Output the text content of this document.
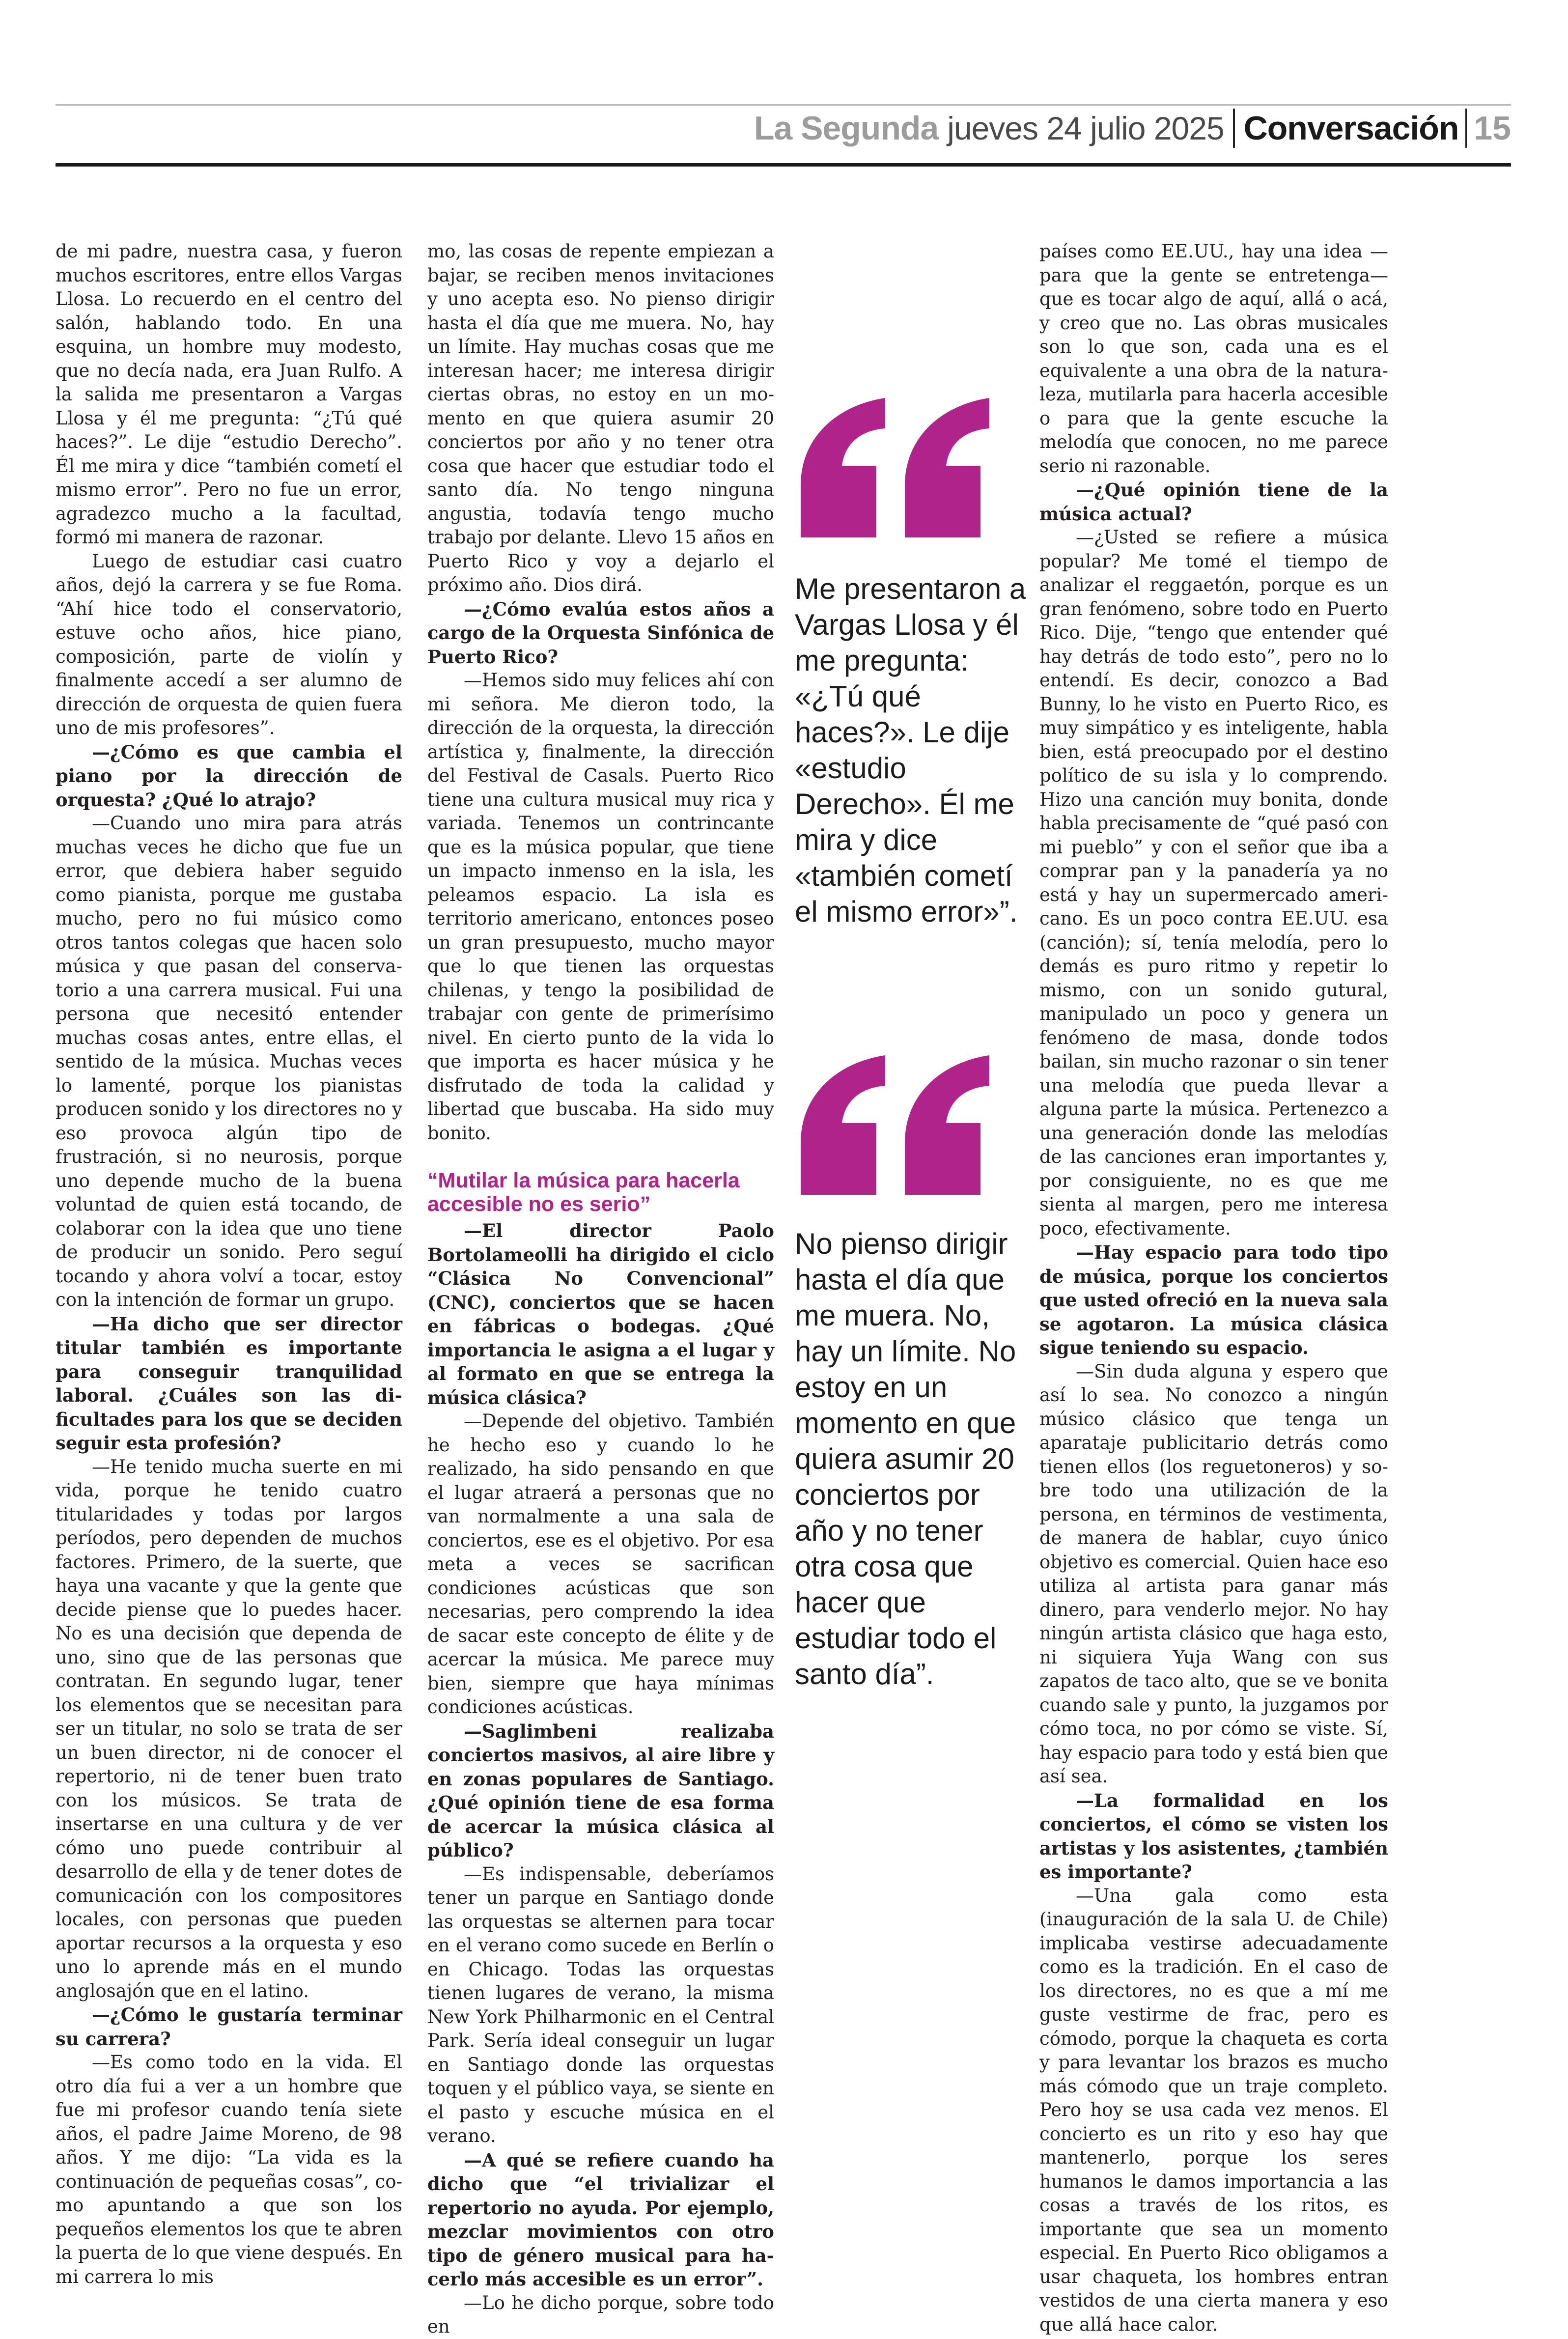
La Segunda jueves 24 julio 2025 Conversación 15

de mi padre, nuestra casa, y fueron muchos escritores, entre ellos Vargas Llosa. Lo recuerdo en el centro del salón, hablando todo. En una esquina, un hombre muy modesto, que no decía nada, era Juan Rulfo. A la salida me presentaron a Vargas Llosa y él me pregunta: “¿Tú qué haces?”. Le dije “estudio Derecho”. Él me mira y dice “también cometí el mismo error”. Pero no fue un error, agradezco mucho a la facultad, formó mi manera de razonar.

Luego de estudiar casi cuatro años, dejó la carrera y se fue Roma. “Ahí hice todo el conservatorio, estuve ocho años, hice piano, composición, parte de violín y finalmente accedí a ser alumno de dirección de orquesta de quien fuera uno de mis profesores”.

—¿Cómo es que cambia el piano por la dirección de orquesta? ¿Qué lo atrajo?

—Cuando uno mira para atrás muchas veces he dicho que fue un error, que debiera haber seguido como pianista, porque me gustaba mucho, pero no fui músico como otros tantos colegas que hacen solo música y que pasan del conservatorio a una carrera musical. Fui una persona que necesitó entender muchas cosas antes, entre ellas, el sentido de la música. Muchas veces lo lamenté, porque los pianistas producen sonido y los directores no y eso provoca algún tipo de frustración, si no neurosis, porque uno depende mucho de la buena voluntad de quien está tocando, de colaborar con la idea que uno tiene de producir un sonido. Pero seguí tocando y ahora volví a tocar, estoy con la intención de formar un grupo.

—Ha dicho que ser director titular también es importante para conseguir tranquilidad laboral. ¿Cuáles son las dificultades para los que se deciden seguir esta profesión?

—He tenido mucha suerte en mi vida, porque he tenido cuatro titularidades y todas por largos períodos, pero dependen de muchos factores. Primero, de la suerte, que haya una vacante y que la gente que decide piense que lo puedes hacer. No es una decisión que dependa de uno, sino que de las personas que contratan. En segundo lugar, tener los elementos que se necesitan para ser un titular, no solo se trata de ser un buen director, ni de conocer el repertorio, ni de tener buen trato con los músicos. Se trata de insertarse en una cultura y de ver cómo uno puede contribuir al desarrollo de ella y de tener dotes de comunicación con los compositores locales, con personas que pueden aportar recursos a la orquesta y eso uno lo aprende más en el mundo anglosajón que en el latino.

—¿Cómo le gustaría terminar su carrera?

—Es como todo en la vida. El otro día fui a ver a un hombre que fue mi profesor cuando tenía siete años, el padre Jaime Moreno, de 98 años. Y me dijo: “La vida es la continuación de pequeñas cosas”, como apuntando a que son los pequeños elementos los que te abren la puerta de lo que viene después. En mi carrera lo mis

mo, las cosas de repente empiezan a bajar, se reciben menos invitaciones y uno acepta eso. No pienso dirigir hasta el día que me muera. No, hay un límite. Hay muchas cosas que me interesan hacer; me interesa dirigir ciertas obras, no estoy en un momento en que quiera asumir 20 conciertos por año y no tener otra cosa que hacer que estudiar todo el santo día. No tengo ninguna angustia, todavía tengo mucho trabajo por delante. Llevo 15 años en Puerto Rico y voy a dejarlo el próximo año. Dios dirá.

—¿Cómo evalúa estos años a cargo de la Orquesta Sinfónica de Puerto Rico?

—Hemos sido muy felices ahí con mi señora. Me dieron todo, la dirección de la orquesta, la dirección artística y, finalmente, la dirección del Festival de Casals. Puerto Rico tiene una cultura musical muy rica y variada. Tenemos un contrincante que es la música popular, que tiene un impacto inmenso en la isla, les peleamos espacio. La isla es territorio americano, entonces poseo un gran presupuesto, mucho mayor que lo que tienen las orquestas chilenas, y tengo la posibilidad de trabajar con gente de primerísimo nivel. En cierto punto de la vida lo que importa es hacer música y he disfrutado de toda la calidad y libertad que buscaba. Ha sido muy bonito.

“Mutilar la música para hacerla accesible no es serio”

—El director Paolo Bortolameolli ha dirigido el ciclo “Clásica No Convencional” (CNC), conciertos que se hacen en fábricas o bodegas. ¿Qué importancia le asigna a el lugar y al formato en que se entrega la música clásica?

—Depende del objetivo. También he hecho eso y cuando lo he realizado, ha sido pensando en que el lugar atraerá a personas que no van normalmente a una sala de conciertos, ese es el objetivo. Por esa meta a veces se sacrifican condiciones acústicas que son necesarias, pero comprendo la idea de sacar este concepto de élite y de acercar la música. Me parece muy bien, siempre que haya mínimas condiciones acústicas.

—Saglimbeni realizaba conciertos masivos, al aire libre y en zonas populares de Santiago. ¿Qué opinión tiene de esa forma de acercar la música clásica al público?

—Es indispensable, deberíamos tener un parque en Santiago donde las orquestas se alternen para tocar en el verano como sucede en Berlín o en Chicago. Todas las orquestas tienen lugares de verano, la misma New York Philharmonic en el Central Park. Sería ideal conseguir un lugar en Santiago donde las orquestas toquen y el público vaya, se siente en el pasto y escuche música en el verano.

—A qué se refiere cuando ha dicho que “el trivializar el repertorio no ayuda. Por ejemplo, mezclar movimientos con otro tipo de género musical para hacerlo más accesible es un error”.

—Lo he dicho porque, sobre todo en

Me presentaron a Vargas Llosa y él me pregunta: «¿Tú qué haces?». Le dije «estudio Derecho». Él me mira y dice «también cometí el mismo error»”.
No pienso dirigir hasta el día que me muera. No, hay un límite. No estoy en un momento en que quiera asumir 20 conciertos por año y no tener otra cosa que hacer que estudiar todo el santo día”.

países como EE.UU., hay una idea —para que la gente se entretenga— que es tocar algo de aquí, allá o acá, y creo que no. Las obras musicales son lo que son, cada una es el equivalente a una obra de la naturaleza, mutilarla para hacerla accesible o para que la gente escuche la melodía que conocen, no me parece serio ni razonable.

—¿Qué opinión tiene de la música actual?

—¿Usted se refiere a música popular? Me tomé el tiempo de analizar el reggaetón, porque es un gran fenómeno, sobre todo en Puerto Rico. Dije, “tengo que entender qué hay detrás de todo esto”, pero no lo entendí. Es decir, conozco a Bad Bunny, lo he visto en Puerto Rico, es muy simpático y es inteligente, habla bien, está preocupado por el destino político de su isla y lo comprendo. Hizo una canción muy bonita, donde habla precisamente de “qué pasó con mi pueblo” y con el señor que iba a comprar pan y la panadería ya no está y hay un supermercado americano. Es un poco contra EE.UU. esa (canción); sí, tenía melodía, pero lo demás es puro ritmo y repetir lo mismo, con un sonido gutural, manipulado un poco y genera un fenómeno de masa, donde todos bailan, sin mucho razonar o sin tener una melodía que pueda llevar a alguna parte la música. Pertenezco a una generación donde las melodías de las canciones eran importantes y, por consiguiente, no es que me sienta al margen, pero me interesa poco, efectivamente.

—Hay espacio para todo tipo de música, porque los conciertos que usted ofreció en la nueva sala se agotaron. La música clásica sigue teniendo su espacio.

—Sin duda alguna y espero que así lo sea. No conozco a ningún músico clásico que tenga un aparataje publicitario detrás como tienen ellos (los reguetoneros) y sobre todo una utilización de la persona, en términos de vestimenta, de manera de hablar, cuyo único objetivo es comercial. Quien hace eso utiliza al artista para ganar más dinero, para venderlo mejor. No hay ningún artista clásico que haga esto, ni siquiera Yuja Wang con sus zapatos de taco alto, que se ve bonita cuando sale y punto, la juzgamos por cómo toca, no por cómo se viste. Sí, hay espacio para todo y está bien que así sea.

—La formalidad en los conciertos, el cómo se visten los artistas y los asistentes, ¿también es importante?

—Una gala como esta (inauguración de la sala U. de Chile) implicaba vestirse adecuadamente como es la tradición. En el caso de los directores, no es que a mí me guste vestirme de frac, pero es cómodo, porque la chaqueta es corta y para levantar los brazos es mucho más cómodo que un traje completo. Pero hoy se usa cada vez menos. El concierto es un rito y eso hay que mantenerlo, porque los seres humanos le damos importancia a las cosas a través de los ritos, es importante que sea un momento especial. En Puerto Rico obligamos a usar chaqueta, los hombres entran vestidos de una cierta manera y eso que allá hace calor.
